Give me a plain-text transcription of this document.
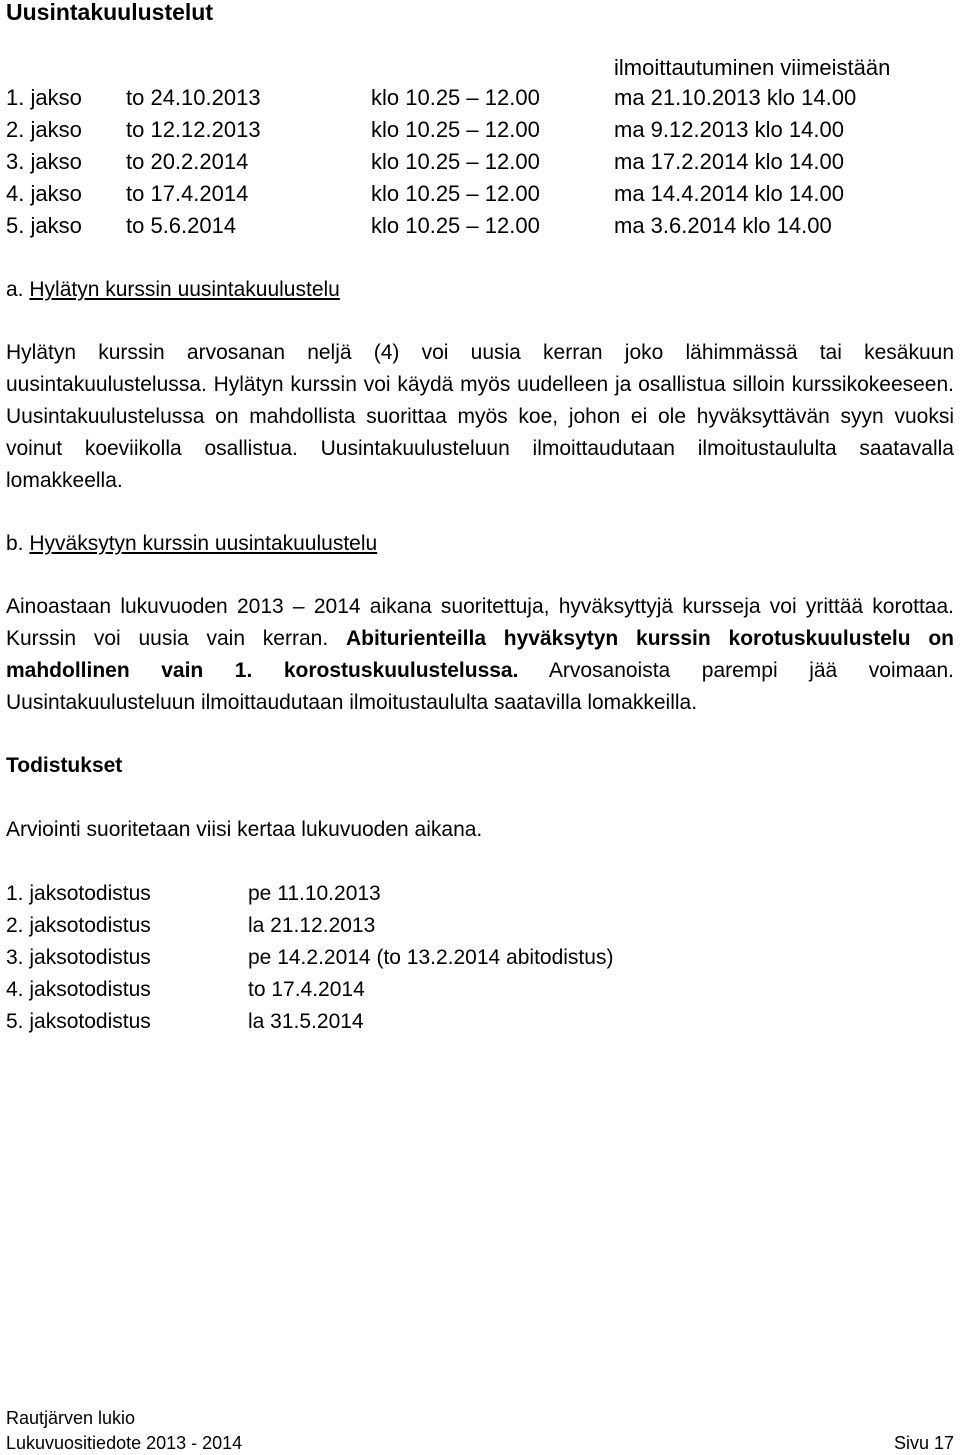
Uusintakuulustelut
ilmoittautuminen viimeistään
1. jakso to 24.10.2013	klo 10.25 – 12.00	ma 21.10.2013 klo 14.00
2. jakso to 12.12.2013	klo 10.25 – 12.00	ma 9.12.2013 klo 14.00
3. jakso to 20.2.2014	klo 10.25 – 12.00	ma 17.2.2014 klo 14.00
4. jakso to 17.4.2014	klo 10.25 – 12.00	ma 14.4.2014 klo 14.00
5. jakso to 5.6.2014	klo 10.25 – 12.00	ma 3.6.2014 klo 14.00
a. Hylätyn kurssin uusintakuulustelu
Hylätyn kurssin arvosanan neljä (4) voi uusia kerran joko lähimmässä tai kesäkuun uusintakuulustelussa. Hylätyn kurssin voi käydä myös uudelleen ja osallistua silloin kurssikokeeseen. Uusintakuulustelussa on mahdollista suorittaa myös koe, johon ei ole hyväksyttävän syyn vuoksi voinut koeviikolla osallistua. Uusintakuulusteluun ilmoittaudutaan ilmoitustaululta saatavalla lomakkeella.
b. Hyväksytyn kurssin uusintakuulustelu
Ainoastaan lukuvuoden 2013 – 2014 aikana suoritettuja, hyväksyttyjä kursseja voi yrittää korottaa. Kurssin voi uusia vain kerran. Abiturienteilla hyväksytyn kurssin korotuskuulustelu on mahdollinen vain 1. korostuskuulustelussa. Arvosanoista parempi jää voimaan. Uusintakuulusteluun ilmoittaudutaan ilmoitustaululta saatavilla lomakkeilla.
Todistukset
Arviointi suoritetaan viisi kertaa lukuvuoden aikana.
1. jaksotodistus	pe 11.10.2013
2. jaksotodistus	la 21.12.2013
3. jaksotodistus	pe 14.2.2014 (to 13.2.2014 abitodistus)
4. jaksotodistus	to 17.4.2014
5. jaksotodistus	la 31.5.2014
Rautjärven lukio
Lukuvuositiedote 2013 - 2014	Sivu 17
